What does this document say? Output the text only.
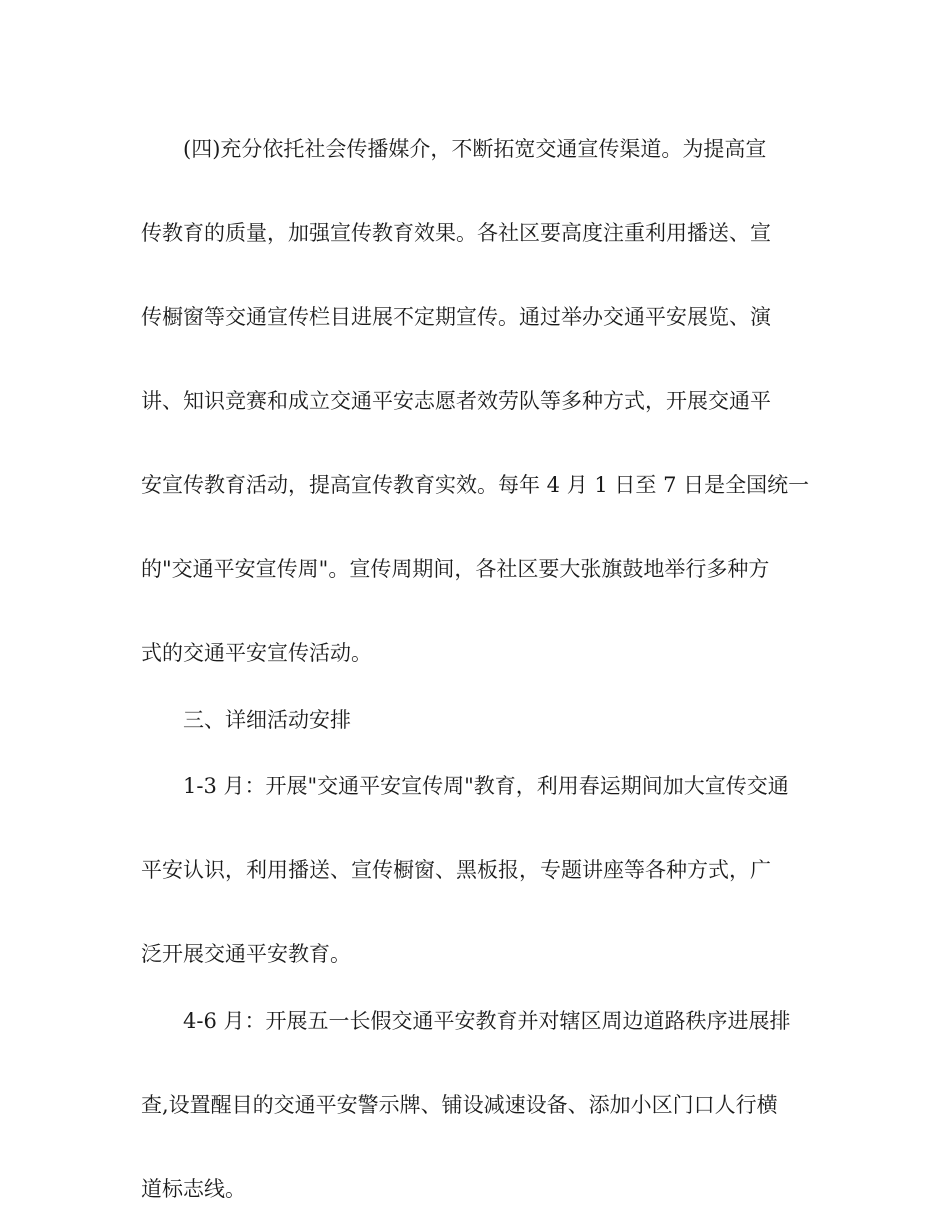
(四)充分依托社会传播媒介，不断拓宽交通宣传渠道。为提高宣
传教育的质量，加强宣传教育效果。各社区要高度注重利用播送、宣
传橱窗等交通宣传栏目进展不定期宣传。通过举办交通平安展览、演
讲、知识竞赛和成立交通平安志愿者效劳队等多种方式，开展交通平
安宣传教育活动，提高宣传教育实效。每年 4 月 1 日至 7 日是全国统一
的"交通平安宣传周"。宣传周期间，各社区要大张旗鼓地举行多种方
式的交通平安宣传活动。
三、详细活动安排
1-3 月：开展"交通平安宣传周"教育，利用春运期间加大宣传交通
平安认识，利用播送、宣传橱窗、黑板报，专题讲座等各种方式，广
泛开展交通平安教育。
4-6 月：开展五一长假交通平安教育并对辖区周边道路秩序进展排
查,设置醒目的交通平安警示牌、铺设减速设备、添加小区门口人行横
道标志线。
